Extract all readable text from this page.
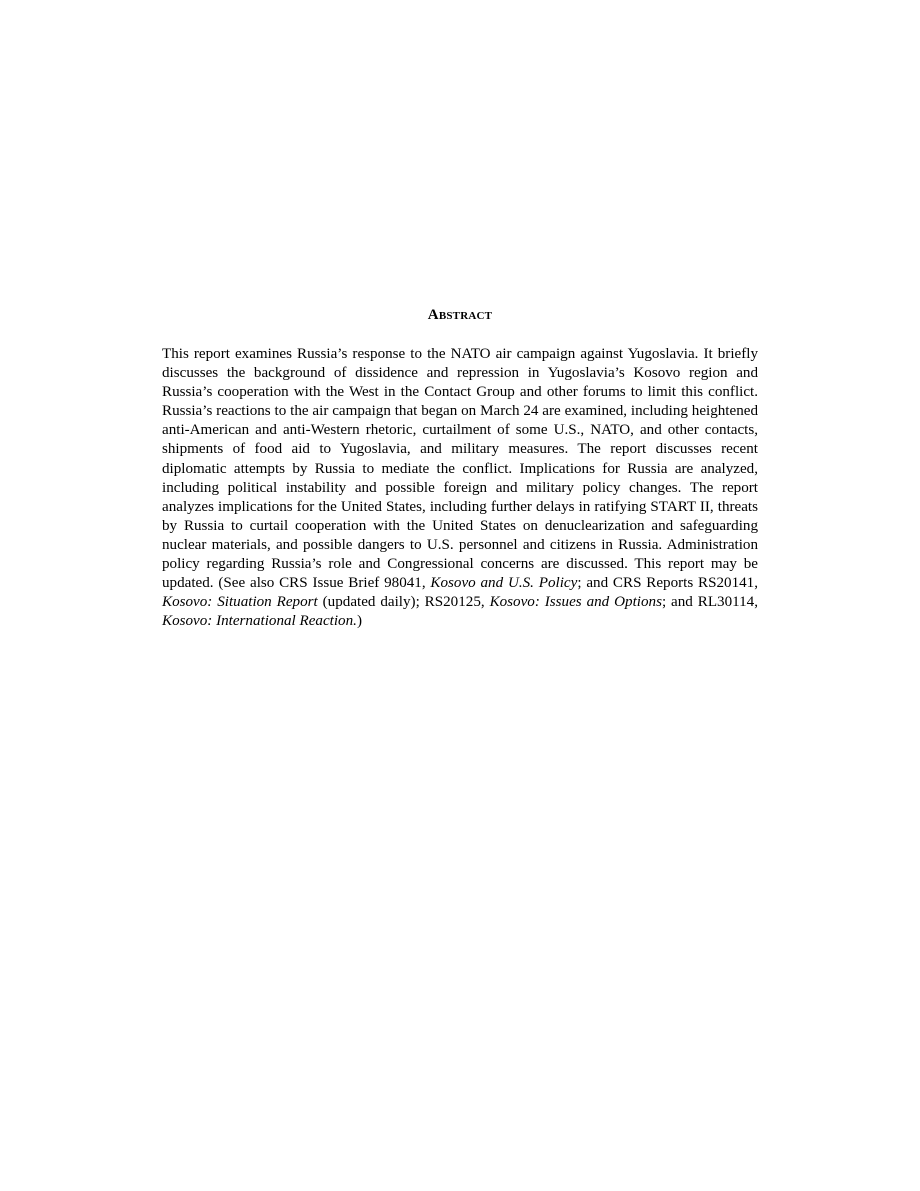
Abstract

This report examines Russia’s response to the NATO air campaign against Yugoslavia. It briefly discusses the background of dissidence and repression in Yugoslavia’s Kosovo region and Russia’s cooperation with the West in the Contact Group and other forums to limit this conflict. Russia’s reactions to the air campaign that began on March 24 are examined, including heightened anti-American and anti-Western rhetoric, curtailment of some U.S., NATO, and other contacts, shipments of food aid to Yugoslavia, and military measures. The report discusses recent diplomatic attempts by Russia to mediate the conflict. Implications for Russia are analyzed, including political instability and possible foreign and military policy changes. The report analyzes implications for the United States, including further delays in ratifying START II, threats by Russia to curtail cooperation with the United States on denuclearization and safeguarding nuclear materials, and possible dangers to U.S. personnel and citizens in Russia. Administration policy regarding Russia’s role and Congressional concerns are discussed. This report may be updated. (See also CRS Issue Brief 98041, Kosovo and U.S. Policy; and CRS Reports RS20141, Kosovo: Situation Report (updated daily); RS20125, Kosovo: Issues and Options; and RL30114, Kosovo: International Reaction.)
